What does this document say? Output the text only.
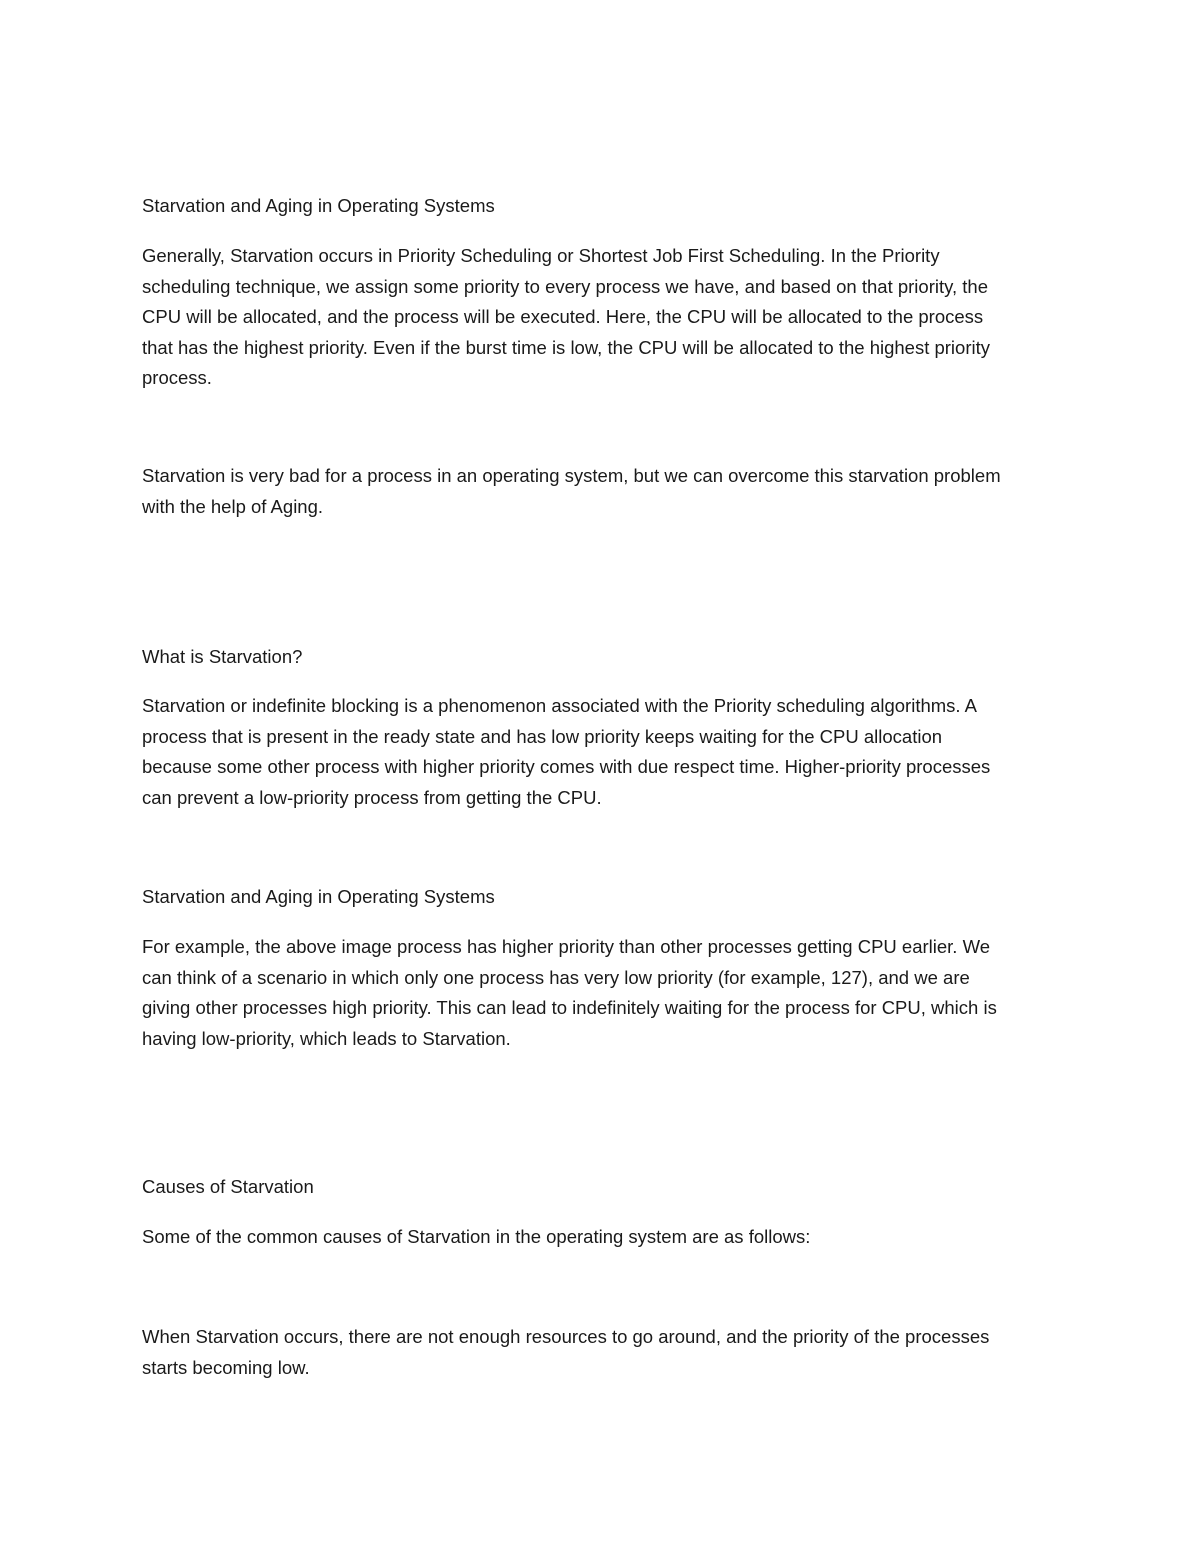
Starvation and Aging in Operating Systems
Generally, Starvation occurs in Priority Scheduling or Shortest Job First Scheduling. In the Priority
scheduling technique, we assign some priority to every process we have, and based on that priority, the
CPU will be allocated, and the process will be executed. Here, the CPU will be allocated to the process
that has the highest priority. Even if the burst time is low, the CPU will be allocated to the highest priority
process.
Starvation is very bad for a process in an operating system, but we can overcome this starvation problem
with the help of Aging.
What is Starvation?
Starvation or indefinite blocking is a phenomenon associated with the Priority scheduling algorithms. A
process that is present in the ready state and has low priority keeps waiting for the CPU allocation
because some other process with higher priority comes with due respect time. Higher-priority processes
can prevent a low-priority process from getting the CPU.
Starvation and Aging in Operating Systems
For example, the above image process has higher priority than other processes getting CPU earlier. We
can think of a scenario in which only one process has very low priority (for example, 127), and we are
giving other processes high priority. This can lead to indefinitely waiting for the process for CPU, which is
having low-priority, which leads to Starvation.
Causes of Starvation
Some of the common causes of Starvation in the operating system are as follows:
When Starvation occurs, there are not enough resources to go around, and the priority of the processes
starts becoming low.
